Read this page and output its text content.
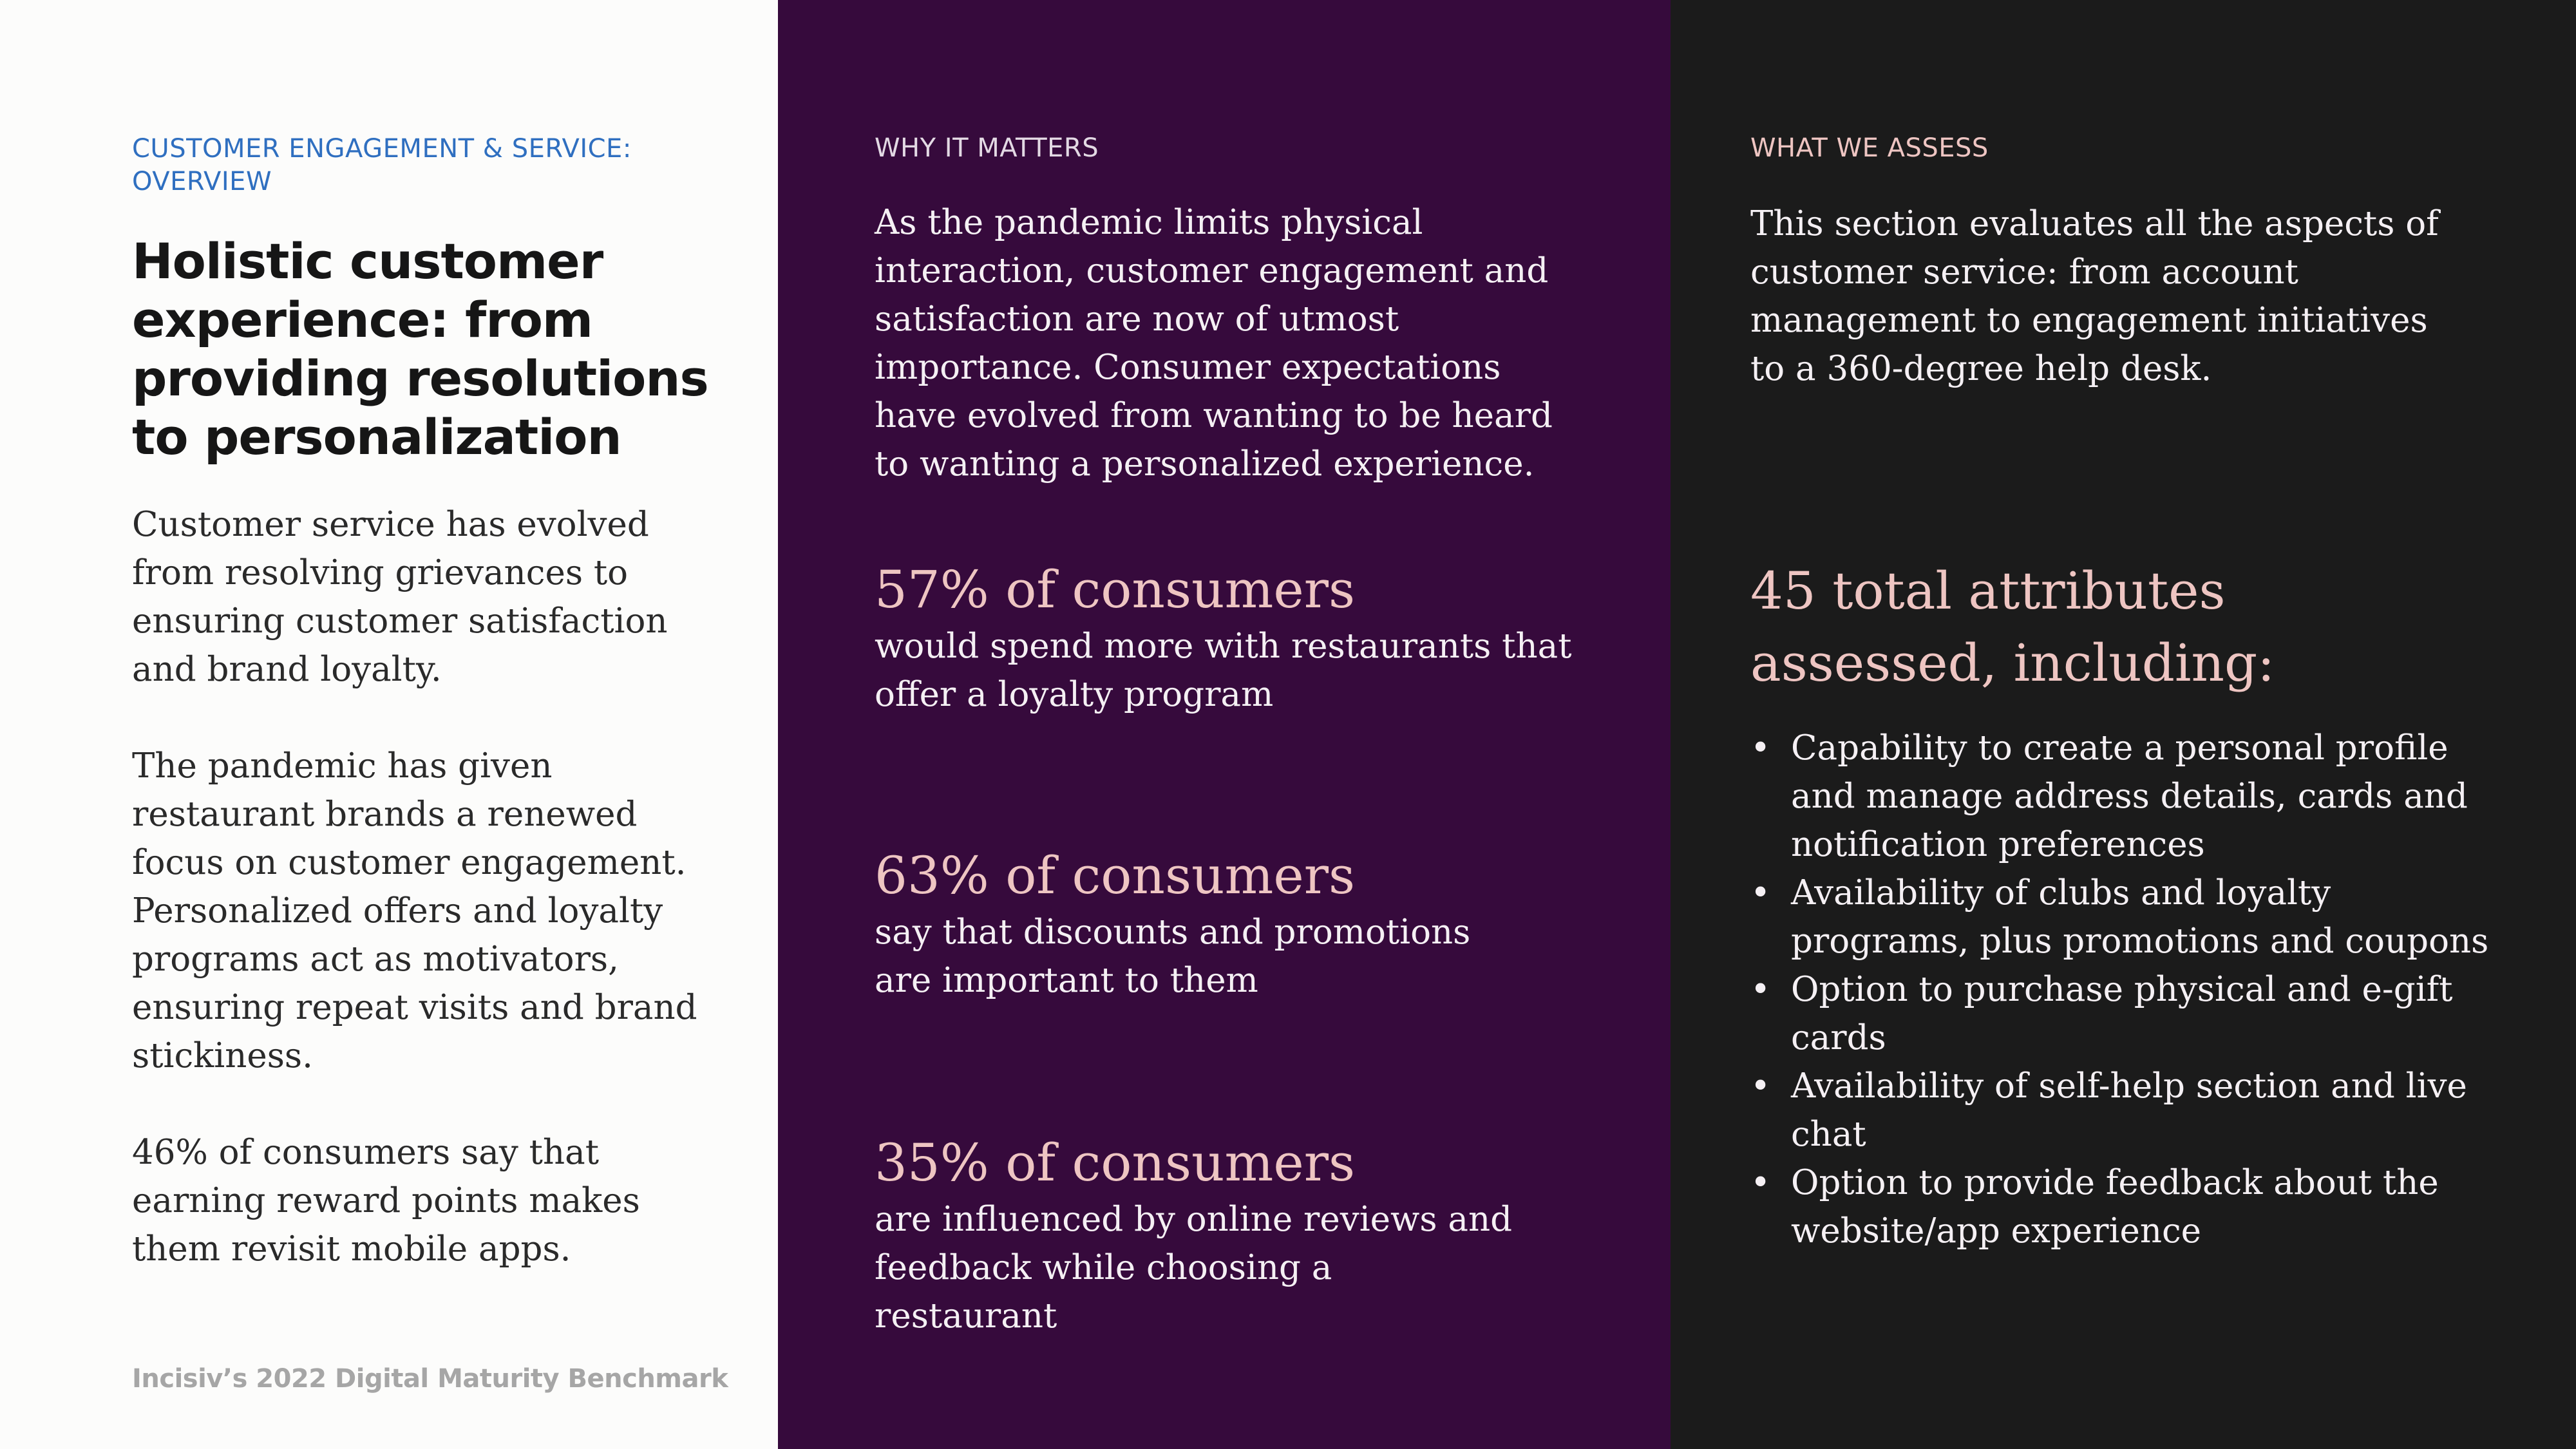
CUSTOMER ENGAGEMENT & SERVICE: OVERVIEW
Holistic customer experience: from providing resolutions to personalization

Customer service has evolved from resolving grievances to ensuring customer satisfaction and brand loyalty.

The pandemic has given restaurant brands a renewed focus on customer engagement. Personalized offers and loyalty programs act as motivators, ensuring repeat visits and brand stickiness.

46% of consumers say that earning reward points makes them revisit mobile apps.

Incisiv’s 2022 Digital Maturity Benchmark
WHY IT MATTERS

As the pandemic limits physical interaction, customer engagement and satisfaction are now of utmost importance. Consumer expectations have evolved from wanting to be heard to wanting a personalized experience.

57% of consumers
would spend more with restaurants that offer a loyalty program
63% of consumers
say that discounts and promotions are important to them
35% of consumers
are influenced by online reviews and feedback while choosing a restaurant
WHAT WE ASSESS

This section evaluates all the aspects of customer service: from account management to engagement initiatives to a 360-degree help desk.

45 total attributes assessed, including:
• Capability to create a personal profile and manage address details, cards and notification preferences
• Availability of clubs and loyalty programs, plus promotions and coupons
• Option to purchase physical and e-gift cards
• Availability of self-help section and live chat
• Option to provide feedback about the website/app experience
